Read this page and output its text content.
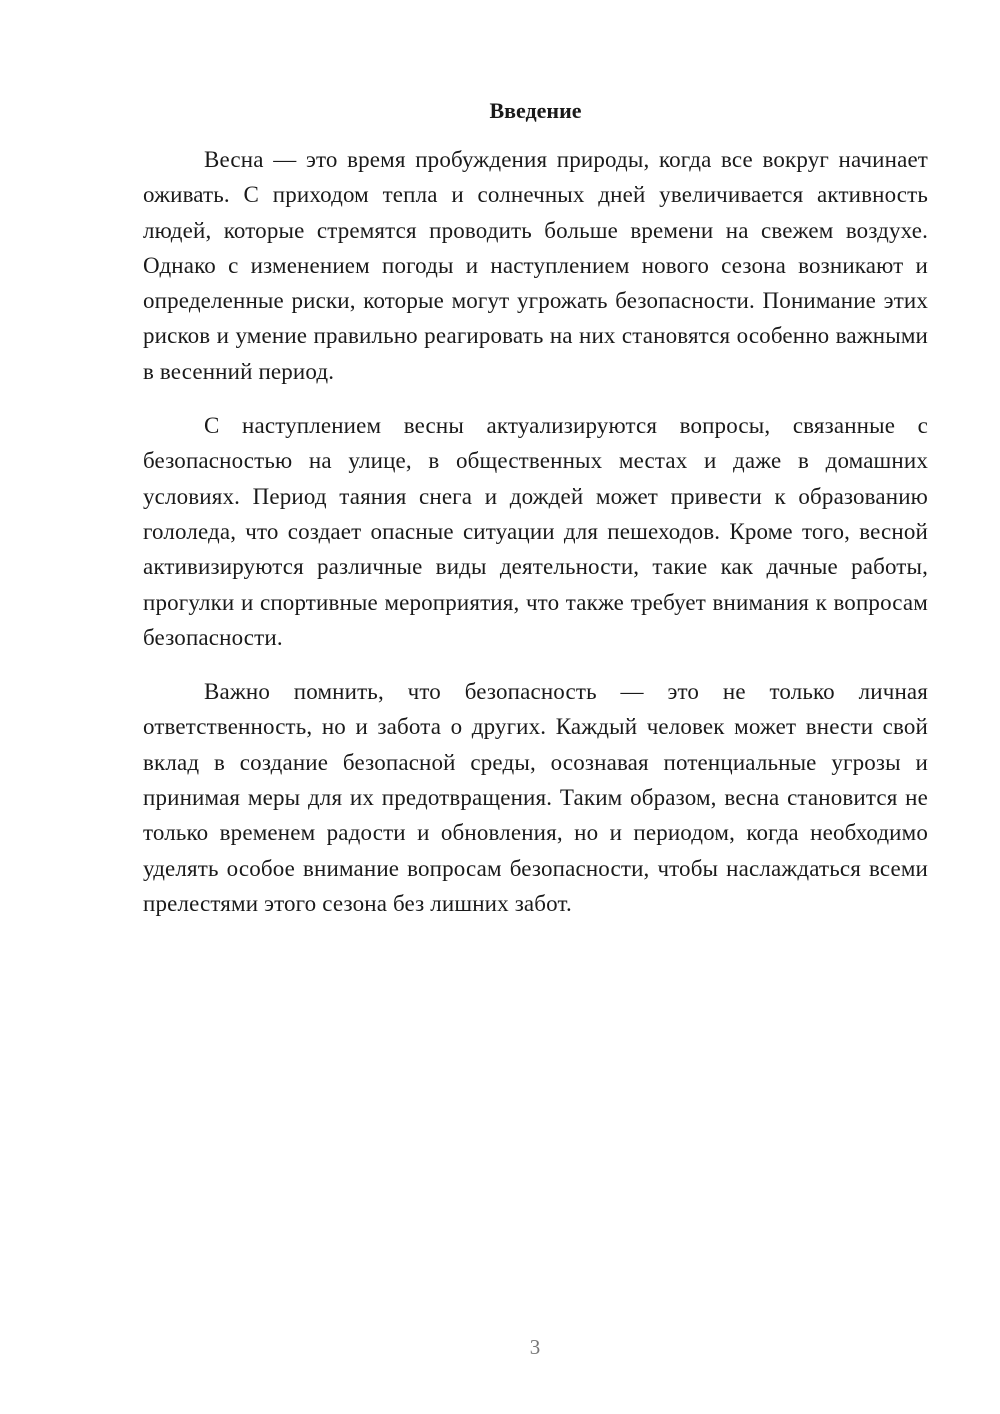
Введение

Весна — это время пробуждения природы, когда все вокруг начинает оживать. С приходом тепла и солнечных дней увеличивается активность людей, которые стремятся проводить больше времени на свежем воздухе. Однако с изменением погоды и наступлением нового сезона возникают и определенные риски, которые могут угрожать безопасности. Понимание этих рисков и умение правильно реагировать на них становятся особенно важными в весенний период.

С наступлением весны актуализируются вопросы, связанные с безопасностью на улице, в общественных местах и даже в домашних условиях. Период таяния снега и дождей может привести к образованию гололеда, что создает опасные ситуации для пешеходов. Кроме того, весной активизируются различные виды деятельности, такие как дачные работы, прогулки и спортивные мероприятия, что также требует внимания к вопросам безопасности.

Важно помнить, что безопасность — это не только личная ответственность, но и забота о других. Каждый человек может внести свой вклад в создание безопасной среды, осознавая потенциальные угрозы и принимая меры для их предотвращения. Таким образом, весна становится не только временем радости и обновления, но и периодом, когда необходимо уделять особое внимание вопросам безопасности, чтобы наслаждаться всеми прелестями этого сезона без лишних забот.

3
